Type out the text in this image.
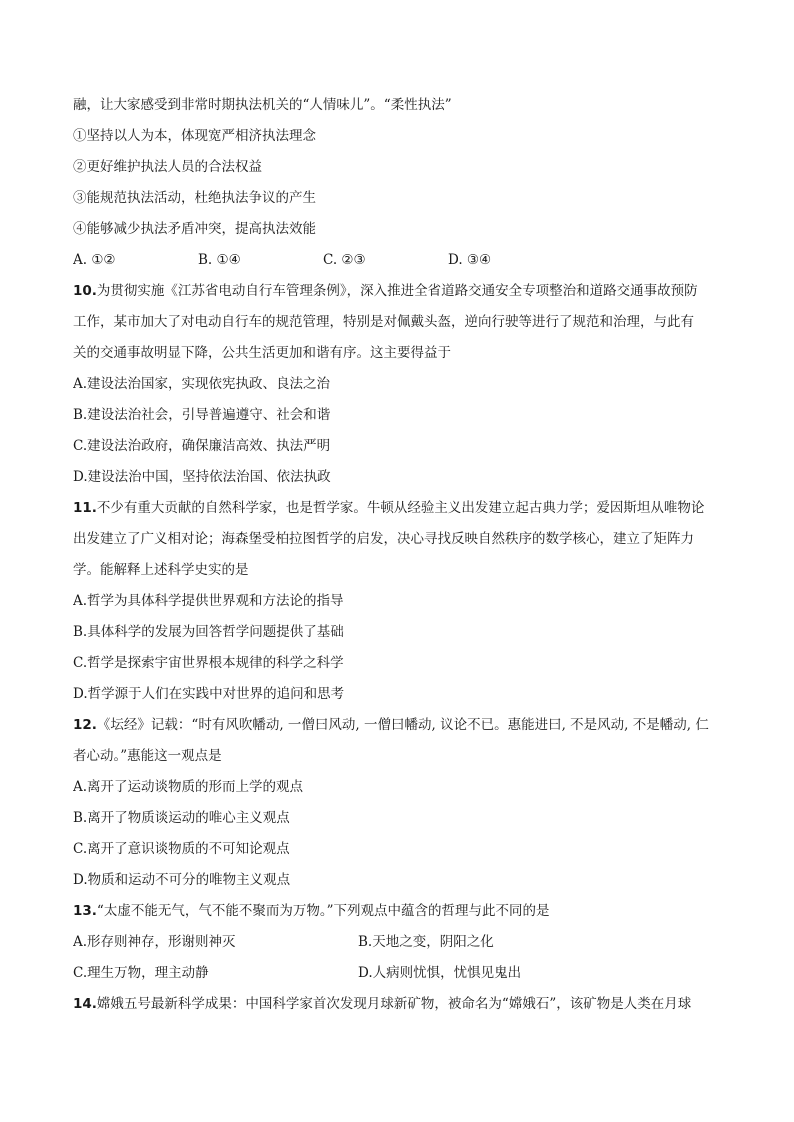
融，让大家感受到非常时期执法机关的“人情味儿”。“柔性执法”
①坚持以人为本，体现宽严相济执法理念
②更好维护执法人员的合法权益
③能规范执法活动，杜绝执法争议的产生
④能够减少执法矛盾冲突，提高执法效能
A. ①②	B. ①④	C. ②③	D. ③④
10.为贯彻实施《江苏省电动自行车管理条例》，深入推进全省道路交通安全专项整治和道路交通事故预防
工作，某市加大了对电动自行车的规范管理，特别是对佩戴头盔，逆向行驶等进行了规范和治理，与此有
关的交通事故明显下降，公共生活更加和谐有序。这主要得益于
A.建设法治国家，实现依宪执政、良法之治
B.建设法治社会，引导普遍遵守、社会和谐
C.建设法治政府，确保廉洁高效、执法严明
D.建设法治中国，坚持依法治国、依法执政
11.不少有重大贡献的自然科学家，也是哲学家。牛顿从经验主义出发建立起古典力学；爱因斯坦从唯物论
出发建立了广义相对论；海森堡受柏拉图哲学的启发，决心寻找反映自然秩序的数学核心，建立了矩阵力
学。能解释上述科学史实的是
A.哲学为具体科学提供世界观和方法论的指导
B.具体科学的发展为回答哲学问题提供了基础
C.哲学是探索宇宙世界根本规律的科学之科学
D.哲学源于人们在实践中对世界的追问和思考
12.《坛经》记载：“时有风吹幡动, 一僧曰风动, 一僧曰幡动, 议论不已。惠能进曰, 不是风动, 不是幡动, 仁
者心动。”惠能这一观点是
A.离开了运动谈物质的形而上学的观点
B.离开了物质谈运动的唯心主义观点
C.离开了意识谈物质的不可知论观点
D.物质和运动不可分的唯物主义观点
13.“太虚不能无气，气不能不聚而为万物。”下列观点中蕴含的哲理与此不同的是
A.形存则神存，形谢则神灭	B.天地之变，阴阳之化
C.理生万物，理主动静	D.人病则忧惧，忧惧见鬼出
14.嫦娥五号最新科学成果：中国科学家首次发现月球新矿物，被命名为“嫦娥石”，该矿物是人类在月球
